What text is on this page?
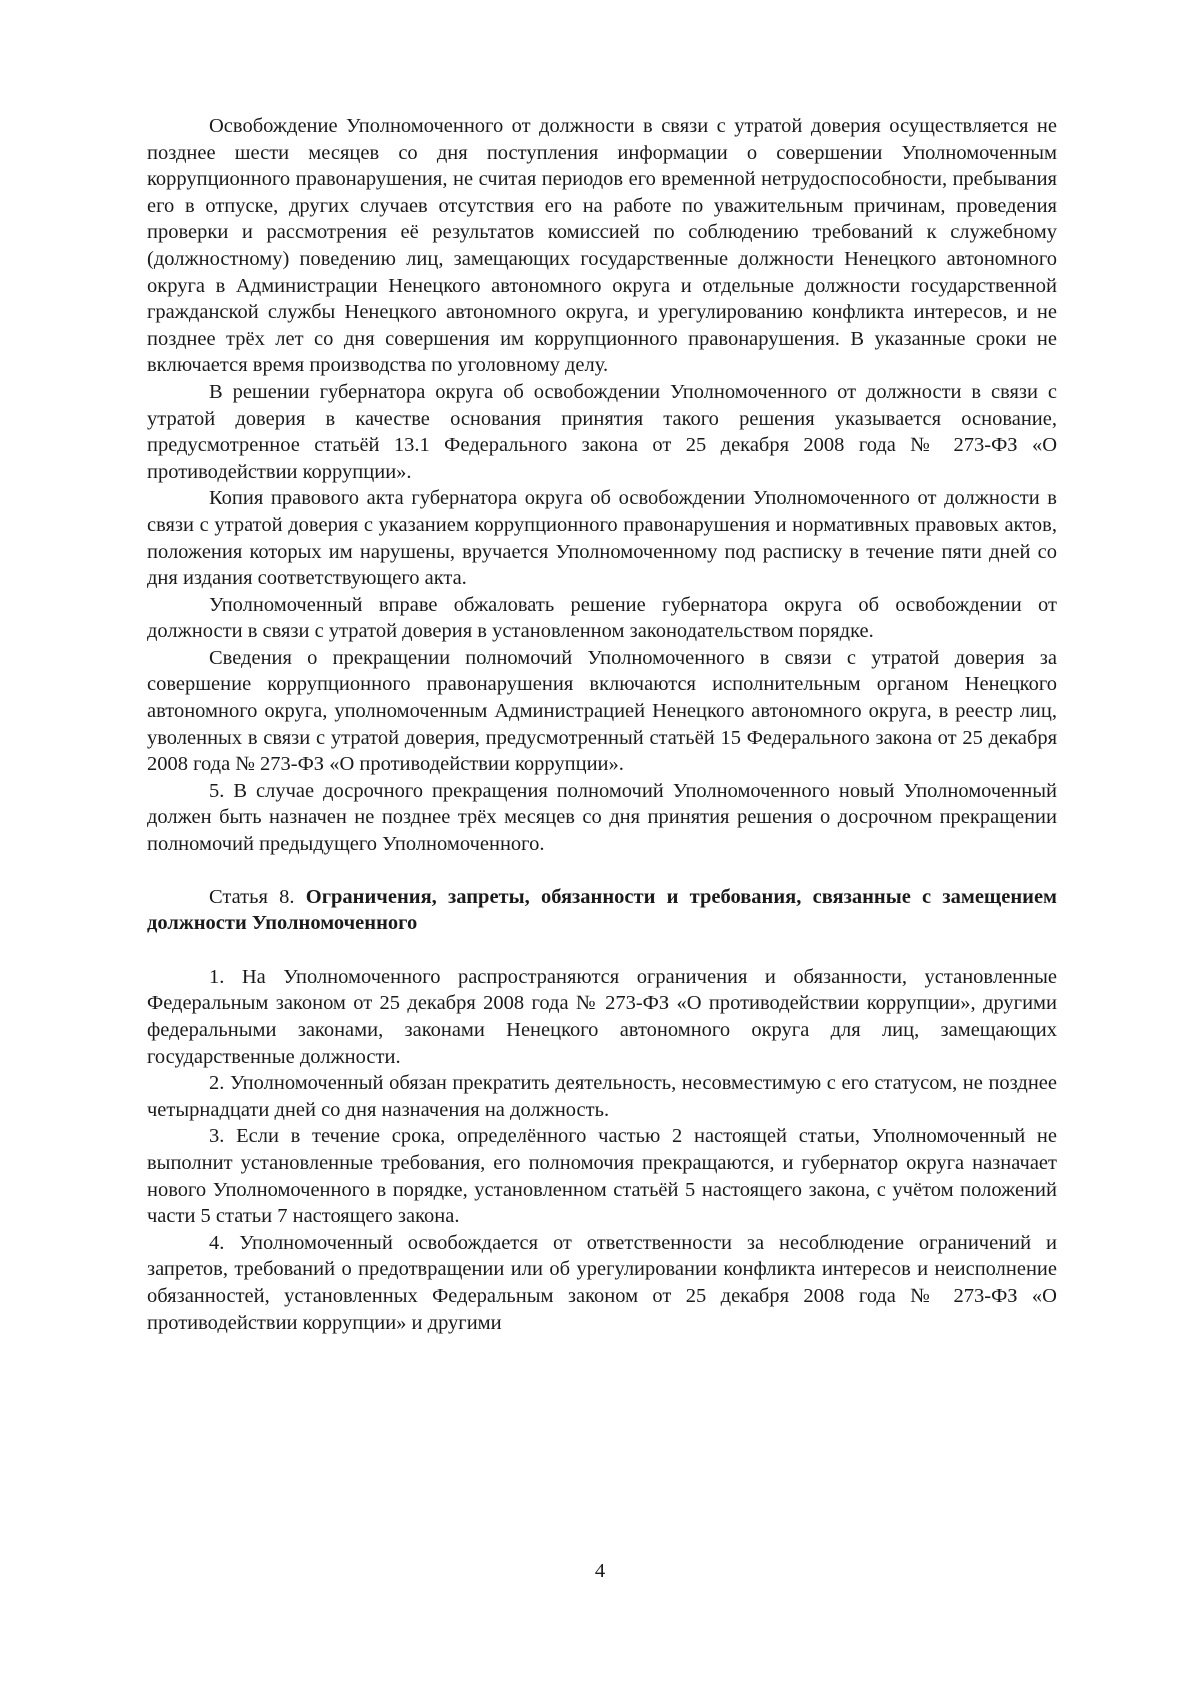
Освобождение Уполномоченного от должности в связи с утратой доверия осуществляется не позднее шести месяцев со дня поступления информации о совершении Уполномоченным коррупционного правонарушения, не считая периодов его временной нетрудоспособности, пребывания его в отпуске, других случаев отсутствия его на работе по уважительным причинам, проведения проверки и рассмотрения её результатов комиссией по соблюдению требований к служебному (должностному) поведению лиц, замещающих государственные должности Ненецкого автономного округа в Администрации Ненецкого автономного округа и отдельные должности государственной гражданской службы Ненецкого автономного округа, и урегулированию конфликта интересов, и не позднее трёх лет со дня совершения им коррупционного правонарушения. В указанные сроки не включается время производства по уголовному делу.

В решении губернатора округа об освобождении Уполномоченного от должности в связи с утратой доверия в качестве основания принятия такого решения указывается основание, предусмотренное статьёй 13.1 Федерального закона от 25 декабря 2008 года № 273-ФЗ «О противодействии коррупции».

Копия правового акта губернатора округа об освобождении Уполномоченного от должности в связи с утратой доверия с указанием коррупционного правонарушения и нормативных правовых актов, положения которых им нарушены, вручается Уполномоченному под расписку в течение пяти дней со дня издания соответствующего акта.

Уполномоченный вправе обжаловать решение губернатора округа об освобождении от должности в связи с утратой доверия в установленном законодательством порядке.

Сведения о прекращении полномочий Уполномоченного в связи с утратой доверия за совершение коррупционного правонарушения включаются исполнительным органом Ненецкого автономного округа, уполномоченным Администрацией Ненецкого автономного округа, в реестр лиц, уволенных в связи с утратой доверия, предусмотренный статьёй 15 Федерального закона от 25 декабря 2008 года № 273-ФЗ «О противодействии коррупции».

5. В случае досрочного прекращения полномочий Уполномоченного новый Уполномоченный должен быть назначен не позднее трёх месяцев со дня принятия решения о досрочном прекращении полномочий предыдущего Уполномоченного.

Статья 8. Ограничения, запреты, обязанности и требования, связанные с замещением должности Уполномоченного

1. На Уполномоченного распространяются ограничения и обязанности, установленные Федеральным законом от 25 декабря 2008 года № 273-ФЗ «О противодействии коррупции», другими федеральными законами, законами Ненецкого автономного округа для лиц, замещающих государственные должности.

2. Уполномоченный обязан прекратить деятельность, несовместимую с его статусом, не позднее четырнадцати дней со дня назначения на должность.

3. Если в течение срока, определённого частью 2 настоящей статьи, Уполномоченный не выполнит установленные требования, его полномочия прекращаются, и губернатор округа назначает нового Уполномоченного в порядке, установленном статьёй 5 настоящего закона, с учётом положений части 5 статьи 7 настоящего закона.

4. Уполномоченный освобождается от ответственности за несоблюдение ограничений и запретов, требований о предотвращении или об урегулировании конфликта интересов и неисполнение обязанностей, установленных Федеральным законом от 25 декабря 2008 года № 273-ФЗ «О противодействии коррупции» и другими

4
